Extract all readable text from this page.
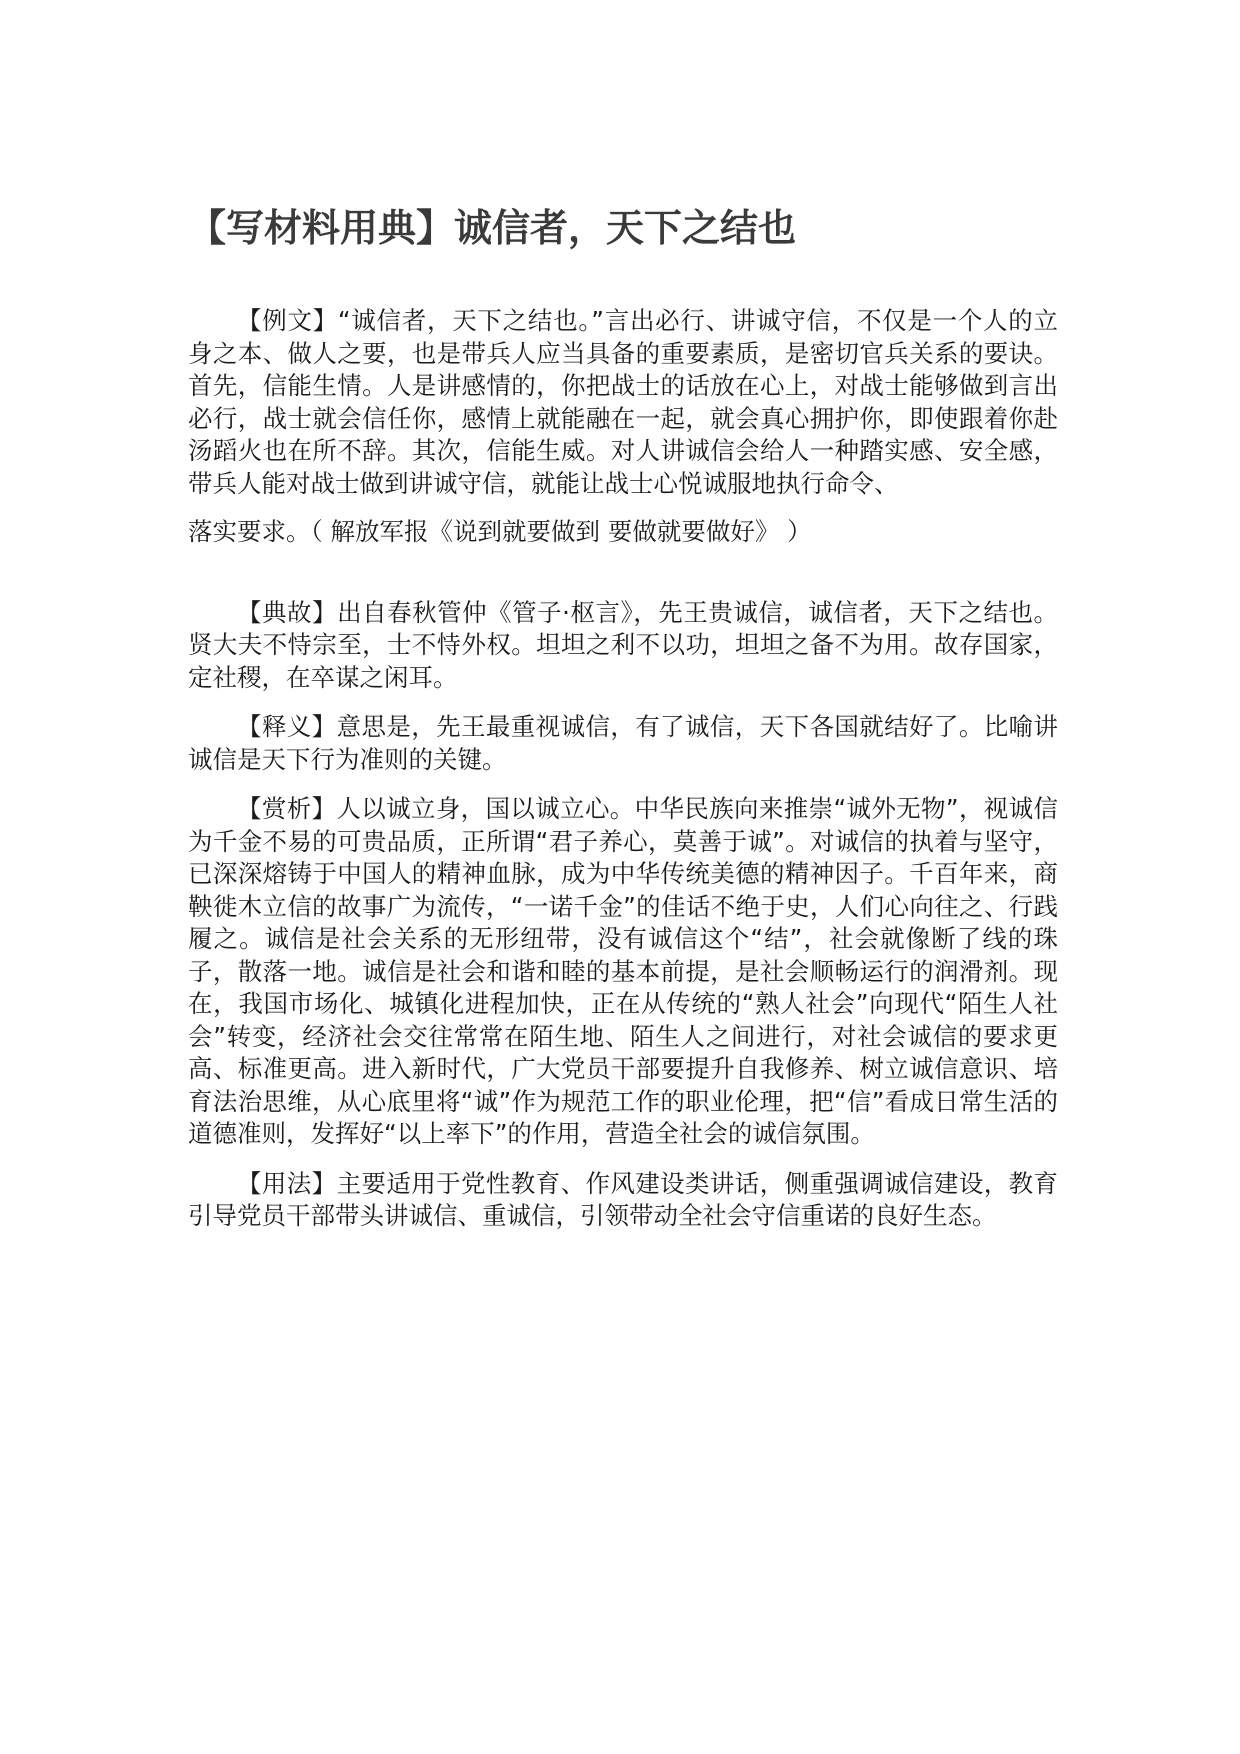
【写材料用典】诚信者，天下之结也

【例文】“诚信者，天下之结也。”言出必行、讲诚守信，不仅是一个人的立身之本、做人之要，也是带兵人应当具备的重要素质，是密切官兵关系的要诀。首先，信能生情。人是讲感情的，你把战士的话放在心上，对战士能够做到言出必行，战士就会信任你，感情上就能融在一起，就会真心拥护你，即使跟着你赴汤蹈火也在所不辞。其次，信能生威。对人讲诚信会给人一种踏实感、安全感，带兵人能对战士做到讲诚守信，就能让战士心悦诚服地执行命令、

落实要求。（ 解放军报《说到就要做到 要做就要做好》 ）

【典故】出自春秋管仲《管子·枢言》，先王贵诚信，诚信者，天下之结也。贤大夫不恃宗至，士不恃外权。坦坦之利不以功，坦坦之备不为用。故存国家，定社稷，在卒谋之闲耳。

【释义】意思是，先王最重视诚信，有了诚信，天下各国就结好了。比喻讲诚信是天下行为准则的关键。

【赏析】人以诚立身，国以诚立心。中华民族向来推崇“诚外无物”，视诚信为千金不易的可贵品质，正所谓“君子养心，莫善于诚”。对诚信的执着与坚守，已深深熔铸于中国人的精神血脉，成为中华传统美德的精神因子。千百年来，商鞅徙木立信的故事广为流传，“一诺千金”的佳话不绝于史，人们心向往之、行践履之。诚信是社会关系的无形纽带，没有诚信这个“结”，社会就像断了线的珠子，散落一地。诚信是社会和谐和睦的基本前提，是社会顺畅运行的润滑剂。现在，我国市场化、城镇化进程加快，正在从传统的“熟人社会”向现代“陌生人社会”转变，经济社会交往常常在陌生地、陌生人之间进行，对社会诚信的要求更高、标准更高。进入新时代，广大党员干部要提升自我修养、树立诚信意识、培育法治思维，从心底里将“诚”作为规范工作的职业伦理，把“信”看成日常生活的道德准则，发挥好“以上率下”的作用，营造全社会的诚信氛围。

【用法】主要适用于党性教育、作风建设类讲话，侧重强调诚信建设，教育引导党员干部带头讲诚信、重诚信，引领带动全社会守信重诺的良好生态。
